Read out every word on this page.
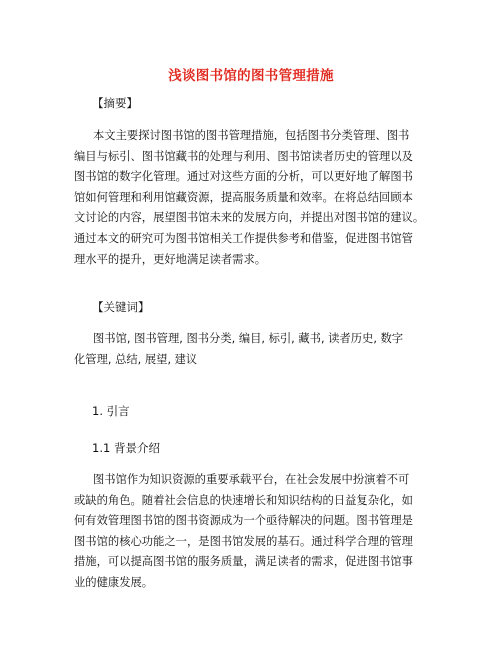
浅谈图书馆的图书管理措施
【摘要】
本文主要探讨图书馆的图书管理措施，包括图书分类管理、图书
编目与标引、图书馆藏书的处理与利用、图书馆读者历史的管理以及
图书馆的数字化管理。通过对这些方面的分析，可以更好地了解图书
馆如何管理和利用馆藏资源，提高服务质量和效率。在将总结回顾本
文讨论的内容，展望图书馆未来的发展方向，并提出对图书馆的建议。
通过本文的研究可为图书馆相关工作提供参考和借鉴，促进图书馆管
理水平的提升，更好地满足读者需求。
【关键词】
图书馆, 图书管理, 图书分类, 编目, 标引, 藏书, 读者历史, 数字
化管理, 总结, 展望, 建议
1. 引言
1.1 背景介绍
图书馆作为知识资源的重要承载平台，在社会发展中扮演着不可
或缺的角色。随着社会信息的快速增长和知识结构的日益复杂化，如
何有效管理图书馆的图书资源成为一个亟待解决的问题。图书管理是
图书馆的核心功能之一，是图书馆发展的基石。通过科学合理的管理
措施，可以提高图书馆的服务质量，满足读者的需求，促进图书馆事
业的健康发展。
